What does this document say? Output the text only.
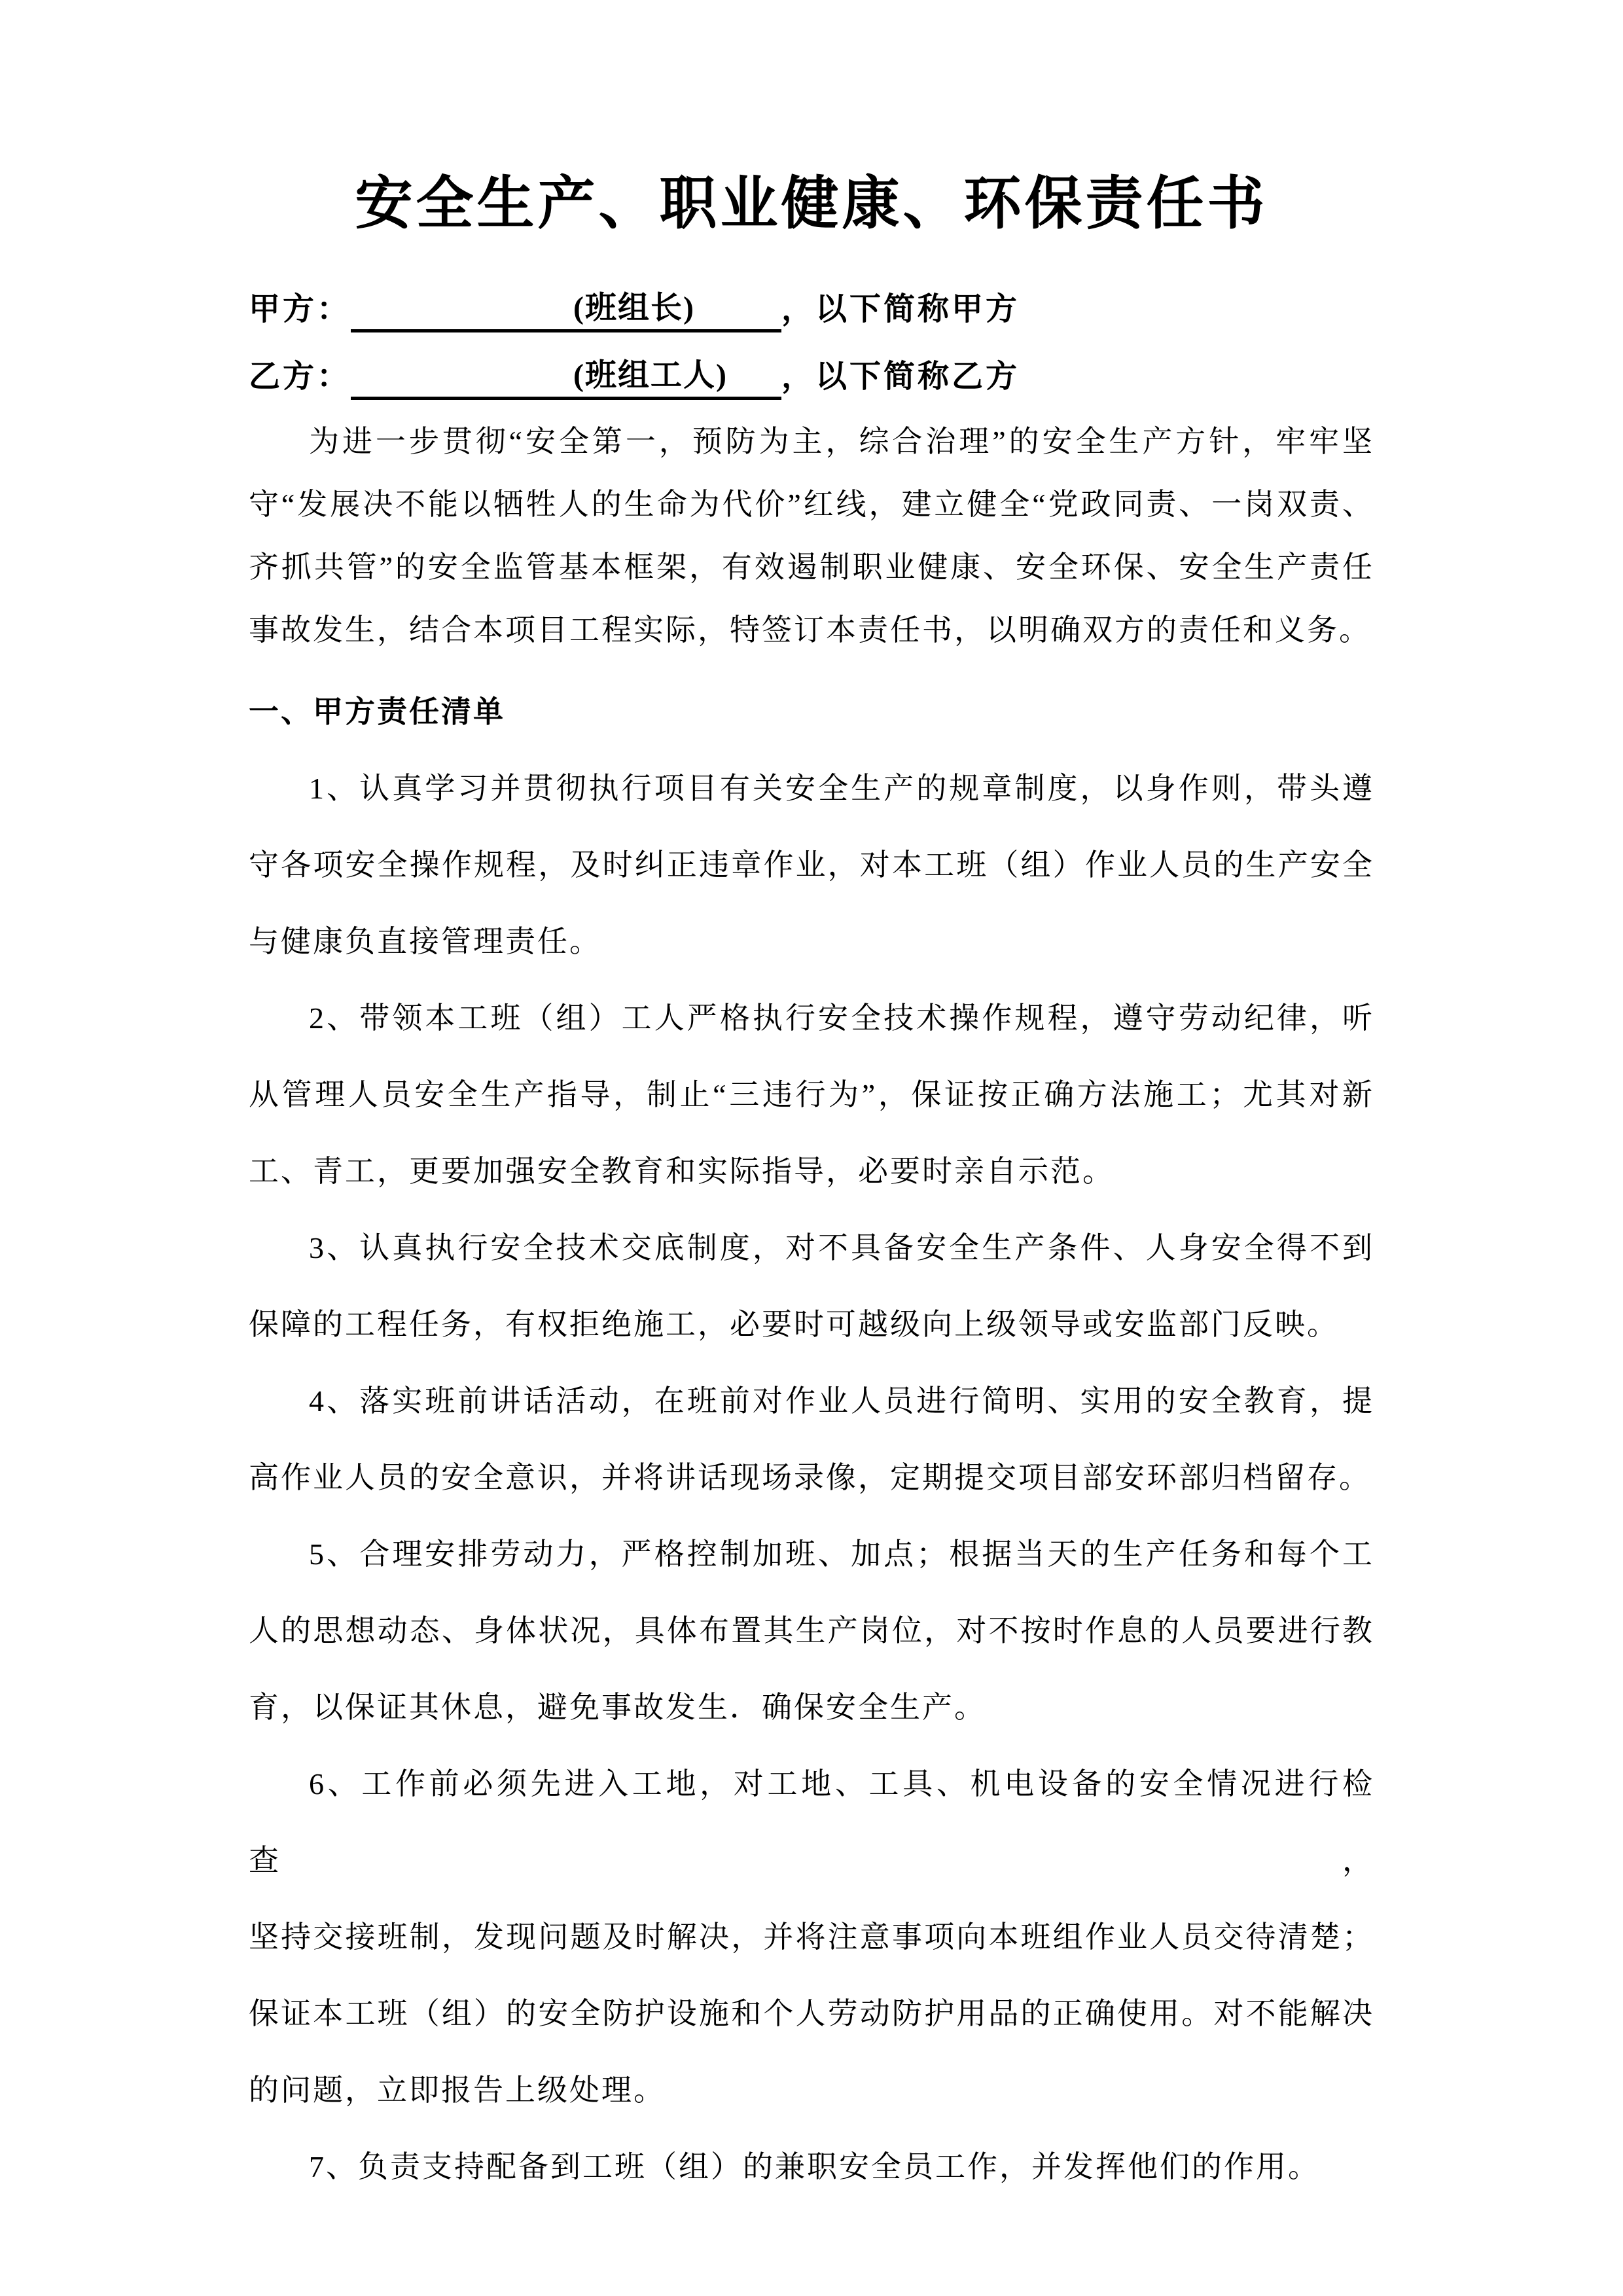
安全生产、职业健康、环保责任书
甲方：	(班组长)	，以下简称甲方
乙方：	(班组工人) ，以下简称乙方
为进一步贯彻“安全第一，预防为主，综合治理”的安全生产方针，牢牢坚
守“发展决不能以牺牲人的生命为代价”红线，建立健全“党政同责、一岗双责、
齐抓共管”的安全监管基本框架，有效遏制职业健康、安全环保、安全生产责任
事故发生，结合本项目工程实际，特签订本责任书，以明确双方的责任和义务。
一、甲方责任清单
1、认真学习并贯彻执行项目有关安全生产的规章制度，以身作则，带头遵
守各项安全操作规程，及时纠正违章作业，对本工班（组）作业人员的生产安全
与健康负直接管理责任。
2、带领本工班（组）工人严格执行安全技术操作规程，遵守劳动纪律，听
从管理人员安全生产指导，制止“三违行为”，保证按正确方法施工；尤其对新
工、青工，更要加强安全教育和实际指导，必要时亲自示范。
3、认真执行安全技术交底制度，对不具备安全生产条件、人身安全得不到
保障的工程任务，有权拒绝施工，必要时可越级向上级领导或安监部门反映。
4、落实班前讲话活动，在班前对作业人员进行简明、实用的安全教育，提
高作业人员的安全意识，并将讲话现场录像，定期提交项目部安环部归档留存。
5、合理安排劳动力，严格控制加班、加点；根据当天的生产任务和每个工
人的思想动态、身体状况，具体布置其生产岗位，对不按时作息的人员要进行教
育，以保证其休息，避免事故发生．确保安全生产。
6、工作前必须先进入工地，对工地、工具、机电设备的安全情况进行检查，
坚持交接班制，发现问题及时解决，并将注意事项向本班组作业人员交待清楚；
保证本工班（组）的安全防护设施和个人劳动防护用品的正确使用。对不能解决
的问题，立即报告上级处理。
7、负责支持配备到工班（组）的兼职安全员工作，并发挥他们的作用。
